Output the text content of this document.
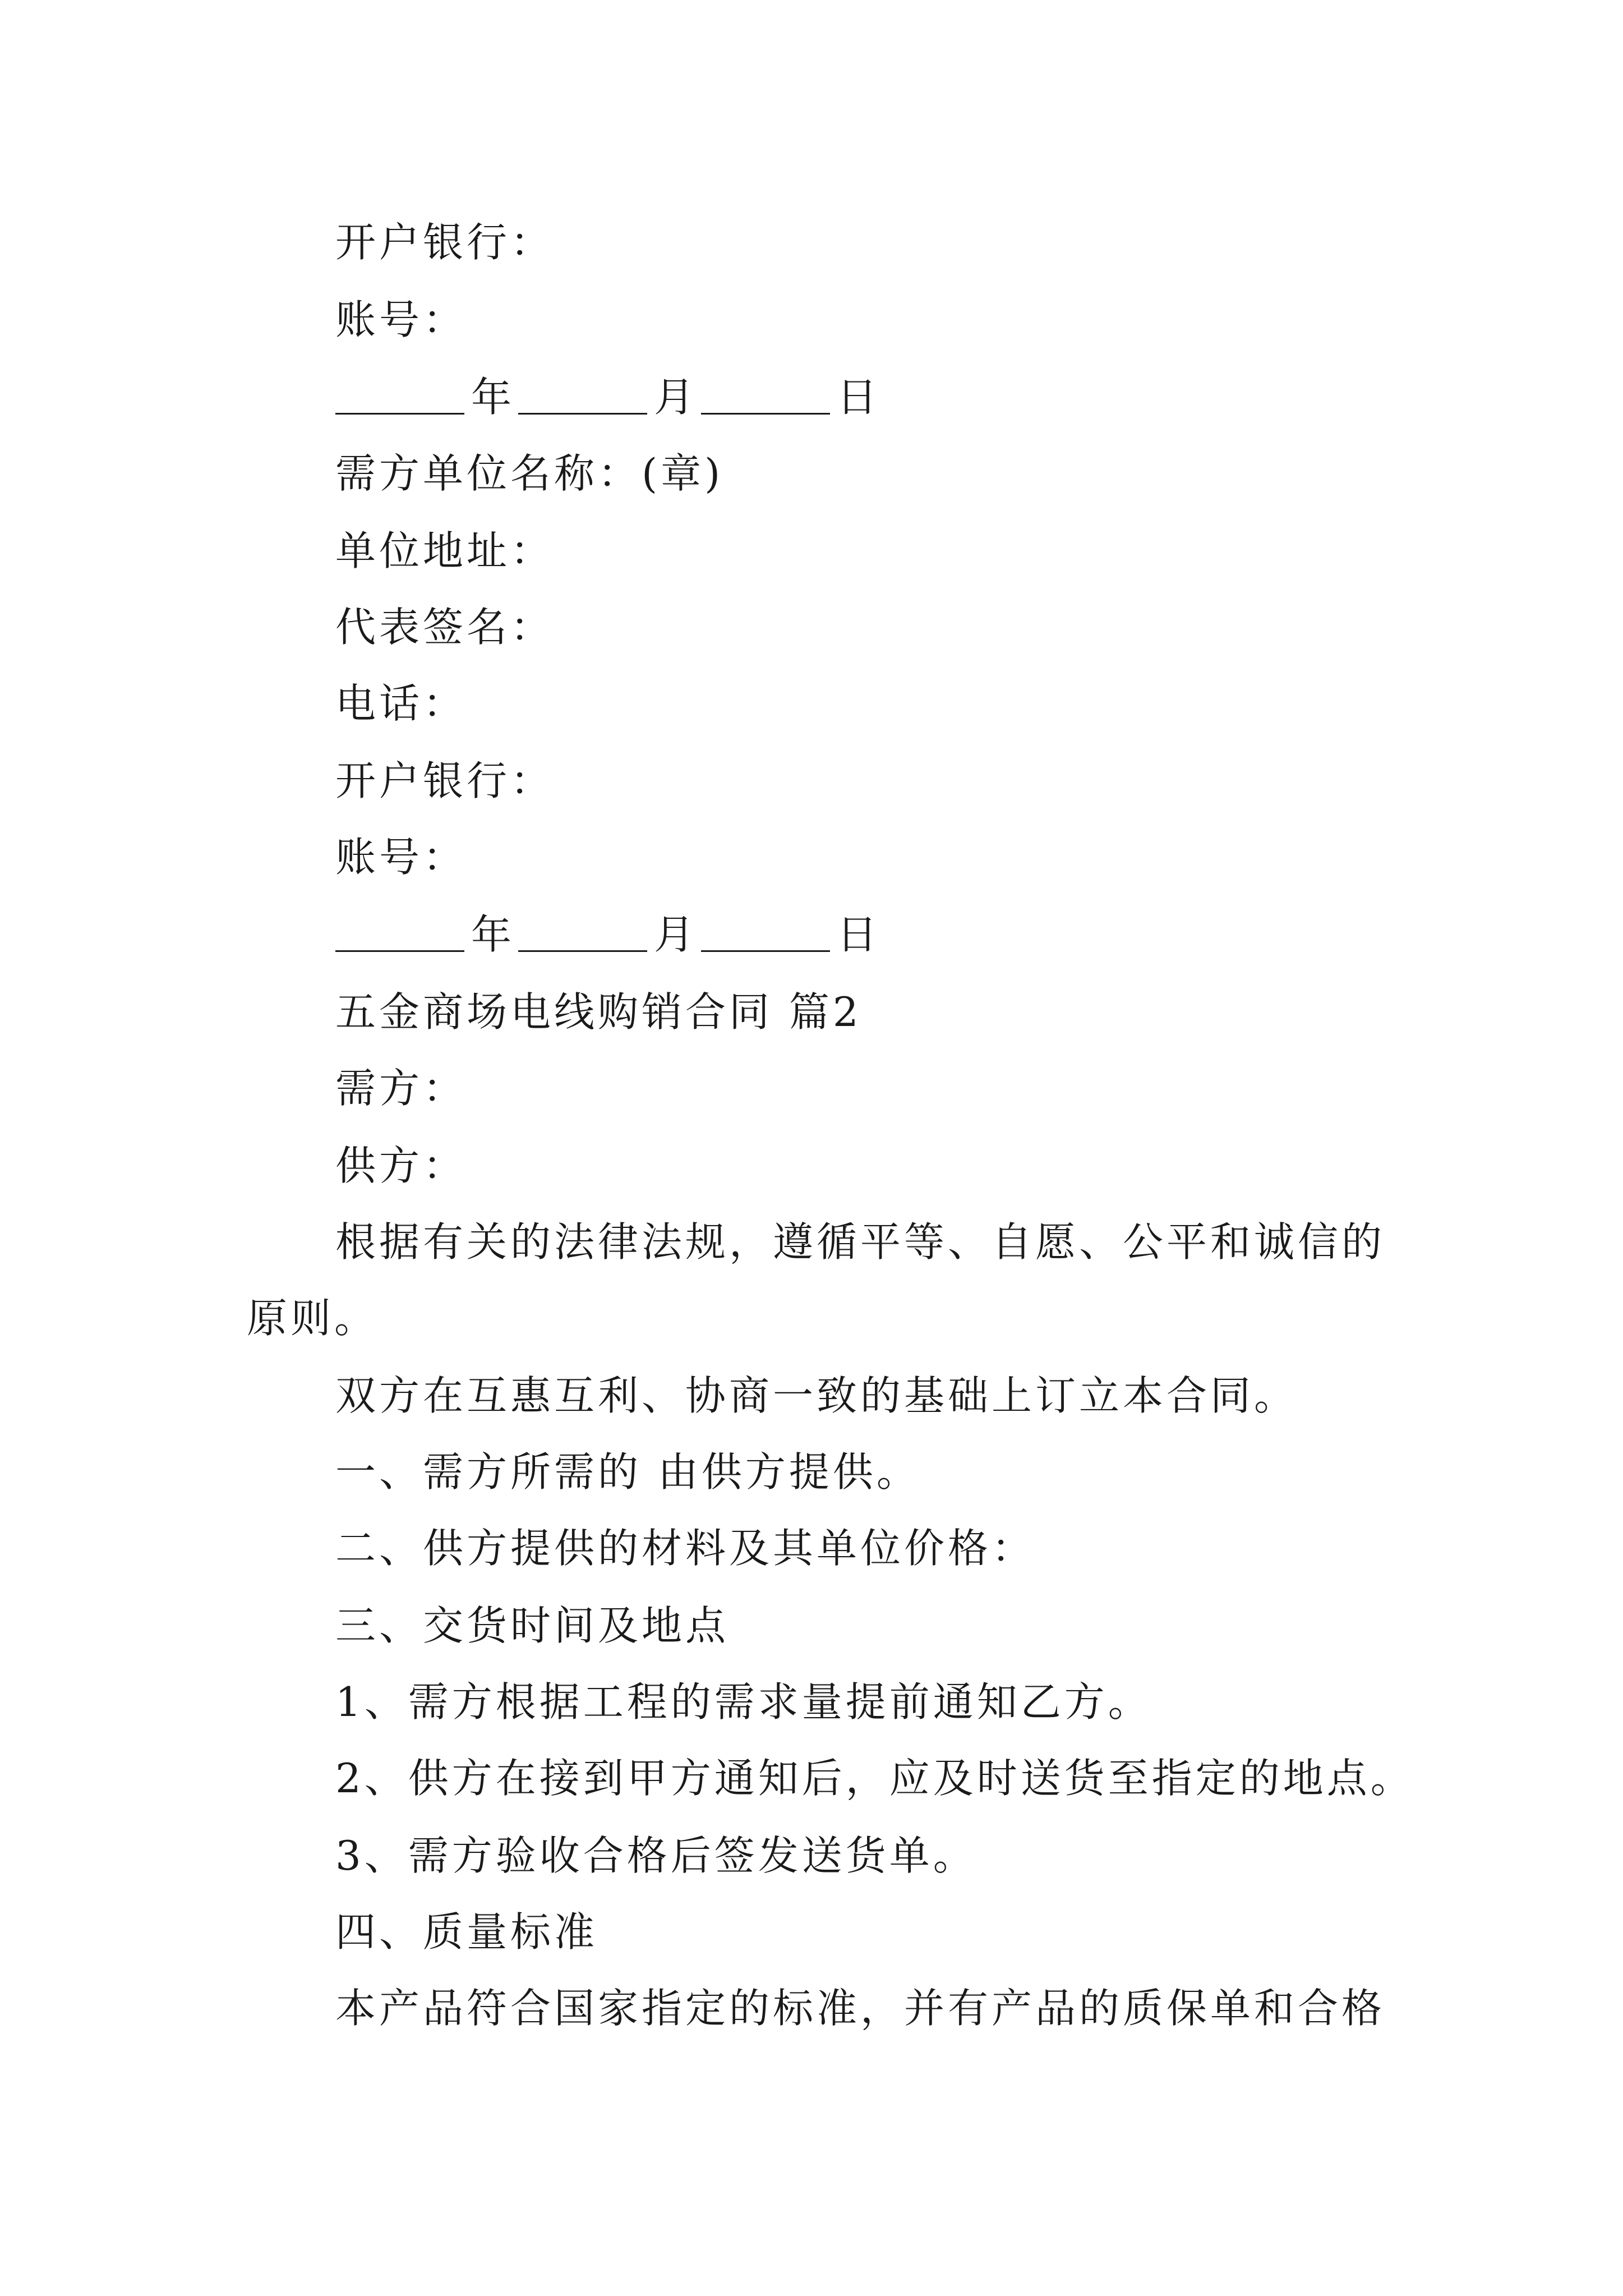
开户银行：
账号：
年	月	日
需方单位名称：(章)
单位地址：
代表签名：
电话：
开户银行：
账号：
年	月	日
五金商场电线购销合同 篇2
需方：
供方：
根据有关的法律法规，遵循平等、自愿、公平和诚信的
原则。
双方在互惠互利、协商一致的基础上订立本合同。
一、需方所需的 由供方提供。
二、供方提供的材料及其单位价格：
三、交货时间及地点
1、需方根据工程的需求量提前通知乙方。
2、供方在接到甲方通知后，应及时送货至指定的地点。
3、需方验收合格后签发送货单。
四、质量标准
本产品符合国家指定的标准，并有产品的质保单和合格
